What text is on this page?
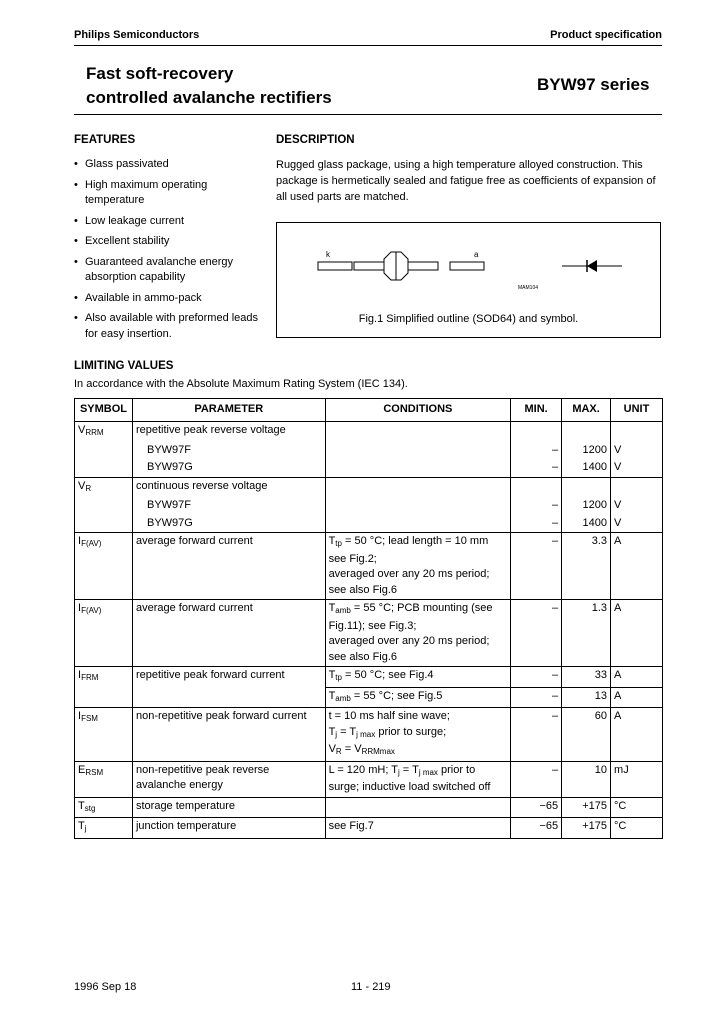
Philips Semiconductors	Product specification
Fast soft-recovery
controlled avalanche rectifiers
BYW97 series
FEATURES
• Glass passivated
• High maximum operating temperature
• Low leakage current
• Excellent stability
• Guaranteed avalanche energy absorption capability
• Available in ammo-pack
• Also available with preformed leads for easy insertion.
DESCRIPTION
Rugged glass package, using a high temperature alloyed construction. This package is hermetically sealed and fatigue free as coefficients of expansion of all used parts are matched.
k	a
MAM104
Fig.1 Simplified outline (SOD64) and symbol.
LIMITING VALUES
In accordance with the Absolute Maximum Rating System (IEC 134).
SYMBOL	PARAMETER	CONDITIONS	MIN.	MAX.	UNIT
$V_{RRM}$	repetitive peak reverse voltage				
	BYW97F		–	1200	V
	BYW97G		–	1400	V
$V_R$	continuous reverse voltage				
	BYW97F		–	1200	V
	BYW97G		–	1400	V
$I_{F(AV)}$	average forward current	$T_{tp} = 50$ °C; lead length = 10 mm
see Fig.2;
averaged over any 20 ms period;
see also Fig.6	–	3.3	A
$I_{F(AV)}$	average forward current	$T_{amb} = 55$ °C; PCB mounting (see
Fig.11); see Fig.3;
averaged over any 20 ms period;
see also Fig.6	–	1.3	A
$I_{FRM}$	repetitive peak forward current	$T_{tp} = 50$ °C; see Fig.4	–	33	A
		$T_{amb} = 55$ °C; see Fig.5	–	13	A
$I_{FSM}$	non-repetitive peak forward current	t = 10 ms half sine wave;
$T_j = T_{j max}$ prior to surge;
$V_R = V_{RRMmax}$	–	60	A
$E_{RSM}$	non-repetitive peak reverse avalanche energy	L = 120 mH; $T_j = T_{j max}$ prior to
surge; inductive load switched off	–	10	mJ
$T_{stg}$	storage temperature		−65	+175	°C
$T_j$	junction temperature	see Fig.7	−65	+175	°C
1996 Sep 18	11 - 219
